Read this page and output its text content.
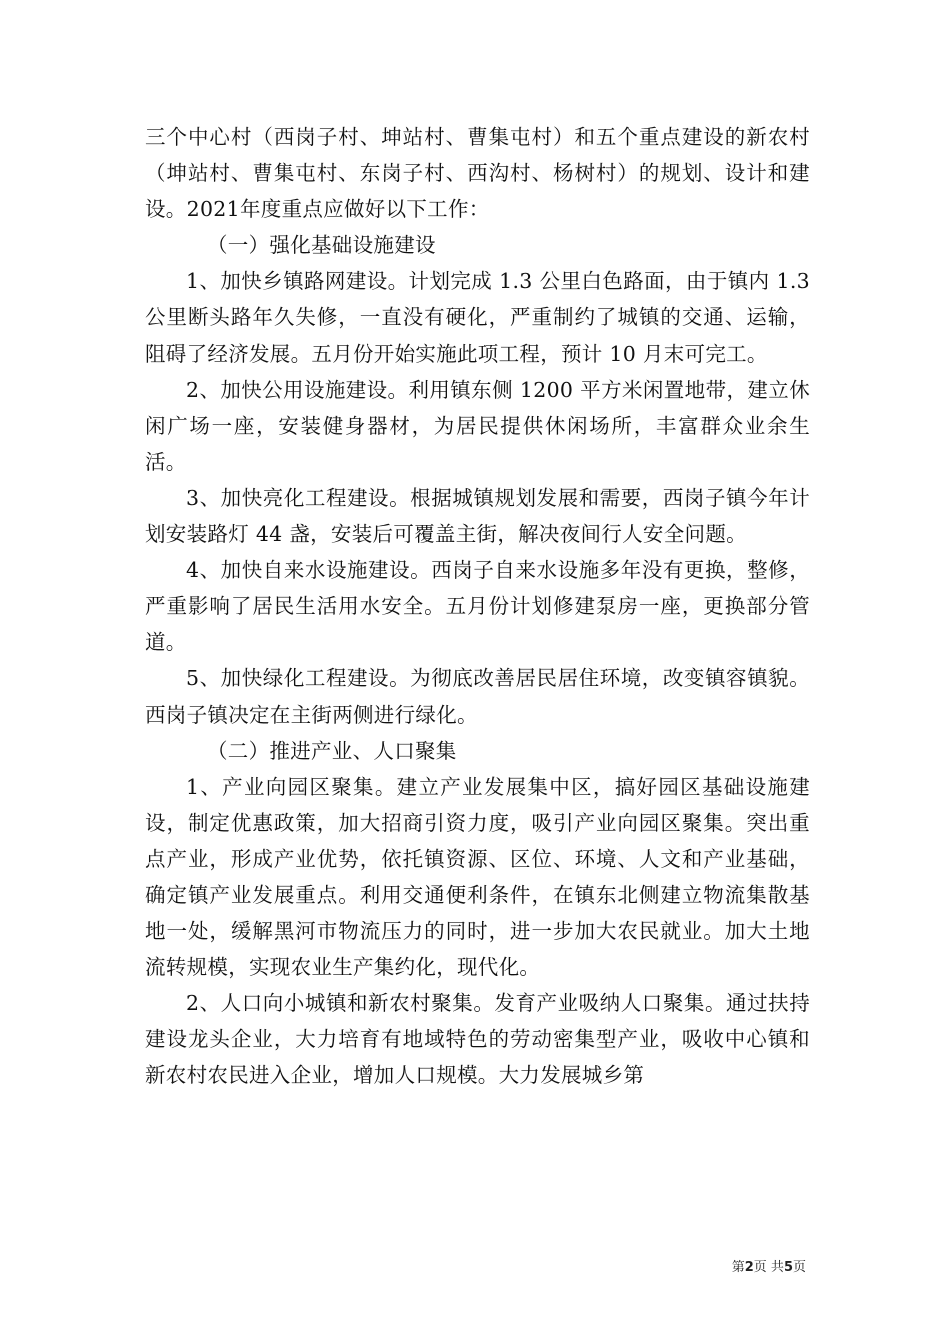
三个中心村（西岗子村、坤站村、曹集屯村）和五个重点建设的新农村（坤站村、曹集屯村、东岗子村、西沟村、杨树村）的规划、设计和建设。2021年度重点应做好以下工作：

（一）强化基础设施建设

1、加快乡镇路网建设。计划完成 1.3 公里白色路面，由于镇内 1.3 公里断头路年久失修，一直没有硬化，严重制约了城镇的交通、运输，阻碍了经济发展。五月份开始实施此项工程，预计 10 月末可完工。

2、加快公用设施建设。利用镇东侧 1200 平方米闲置地带，建立休闲广场一座，安装健身器材，为居民提供休闲场所，丰富群众业余生活。

3、加快亮化工程建设。根据城镇规划发展和需要，西岗子镇今年计划安装路灯 44 盏，安装后可覆盖主街，解决夜间行人安全问题。

4、加快自来水设施建设。西岗子自来水设施多年没有更换，整修，严重影响了居民生活用水安全。五月份计划修建泵房一座，更换部分管道。

5、加快绿化工程建设。为彻底改善居民居住环境，改变镇容镇貌。西岗子镇决定在主街两侧进行绿化。

（二）推进产业、人口聚集

1、产业向园区聚集。建立产业发展集中区，搞好园区基础设施建设，制定优惠政策，加大招商引资力度，吸引产业向园区聚集。突出重点产业，形成产业优势，依托镇资源、区位、环境、人文和产业基础，确定镇产业发展重点。利用交通便利条件，在镇东北侧建立物流集散基地一处，缓解黑河市物流压力的同时，进一步加大农民就业。加大土地流转规模，实现农业生产集约化，现代化。

2、人口向小城镇和新农村聚集。发育产业吸纳人口聚集。通过扶持建设龙头企业，大力培育有地域特色的劳动密集型产业，吸收中心镇和新农村农民进入企业，增加人口规模。大力发展城乡第

第2页 共5页
